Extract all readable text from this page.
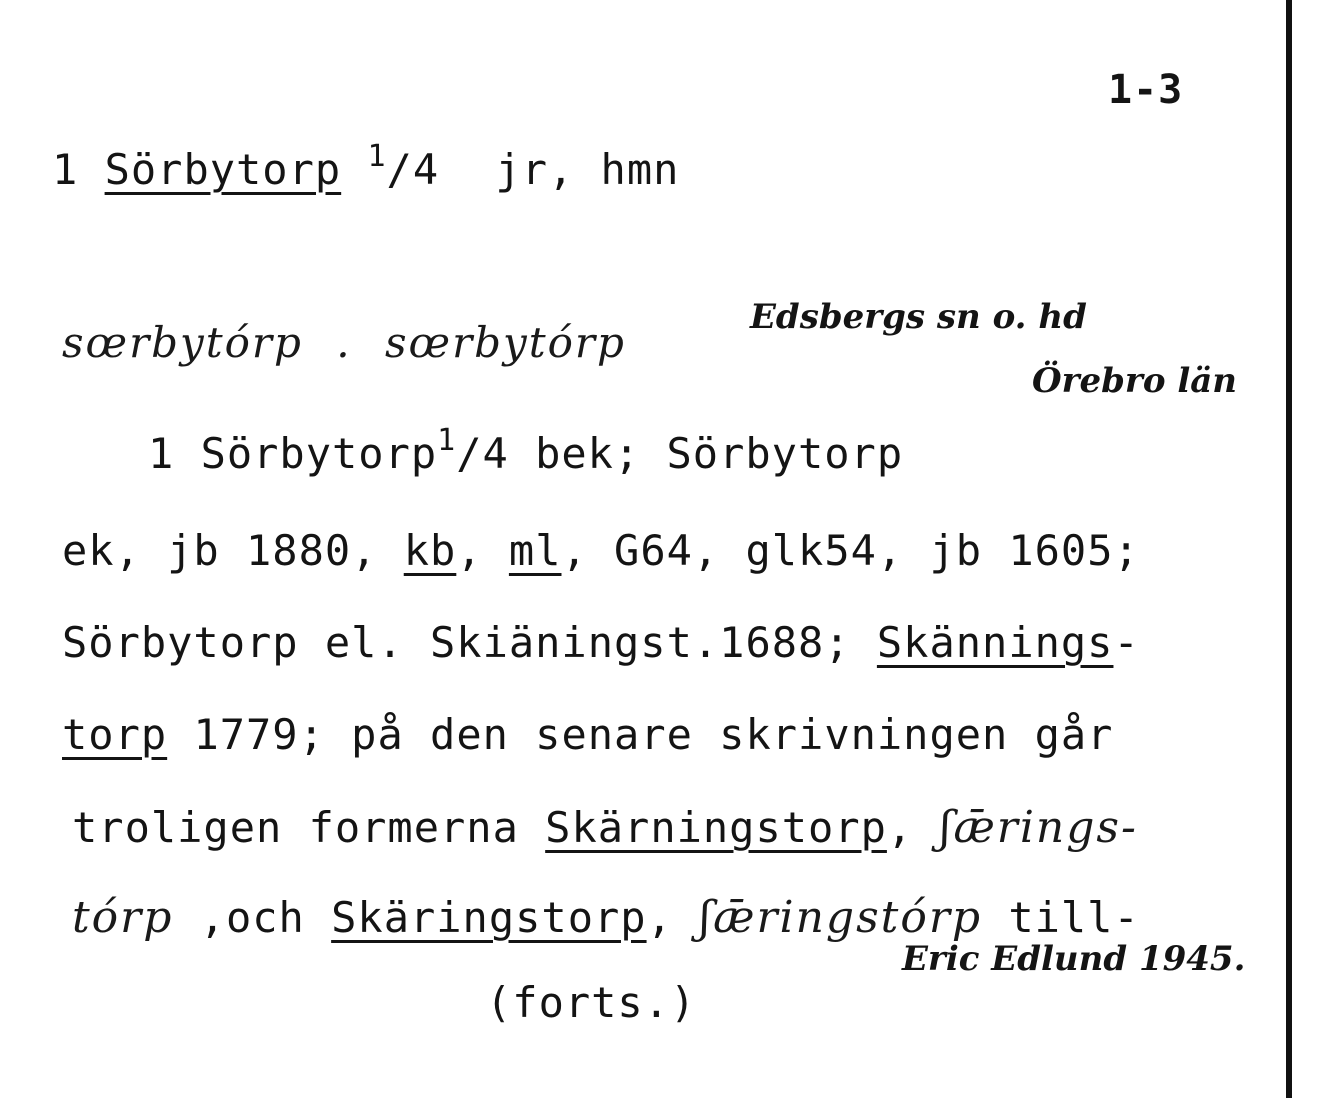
1-3
1 Sörbytorp $^1$/4 jr, hmn
sœrbytórp . sœrbytórp
Edsbergs sn o. hd
Örebro län
1 Sörbytorp$^1$/4 bek; Sörbytorp
ek, jb 1880, kb, ml, G64, glk54, jb 1605;
Sörbytorp el. Skiäningst.1688; Skännings-
torp 1779; på den senare skrivningen går
troligen formerna Skärningstorp, ʃǣrings-
tórp ,och Skäringstorp, ʃǣringstórp till-
Eric Edlund 1945.
(forts.)
